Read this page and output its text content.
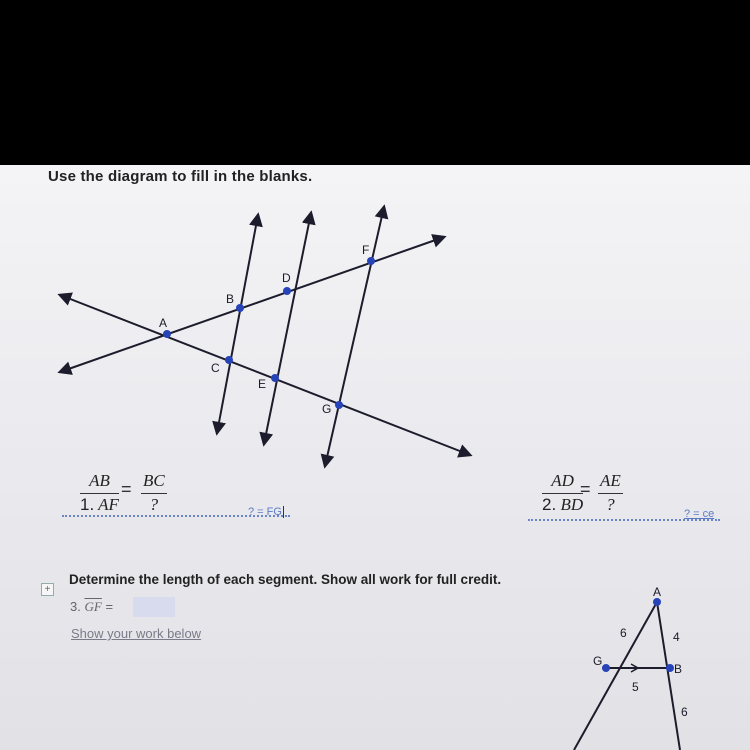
Use the diagram to fill in the blanks.
A
B
C
D
E
F
G
A
G
B
6	4
5
6
$\frac{AB}{1. AF}$ = BC
?	? = FG	$\frac{AD}{2. BD}$
= AE
?	? = ce
+
Determine the length of each segment. Show all work for full credit.
3. $\overline{GF}$ =
Show your work below
